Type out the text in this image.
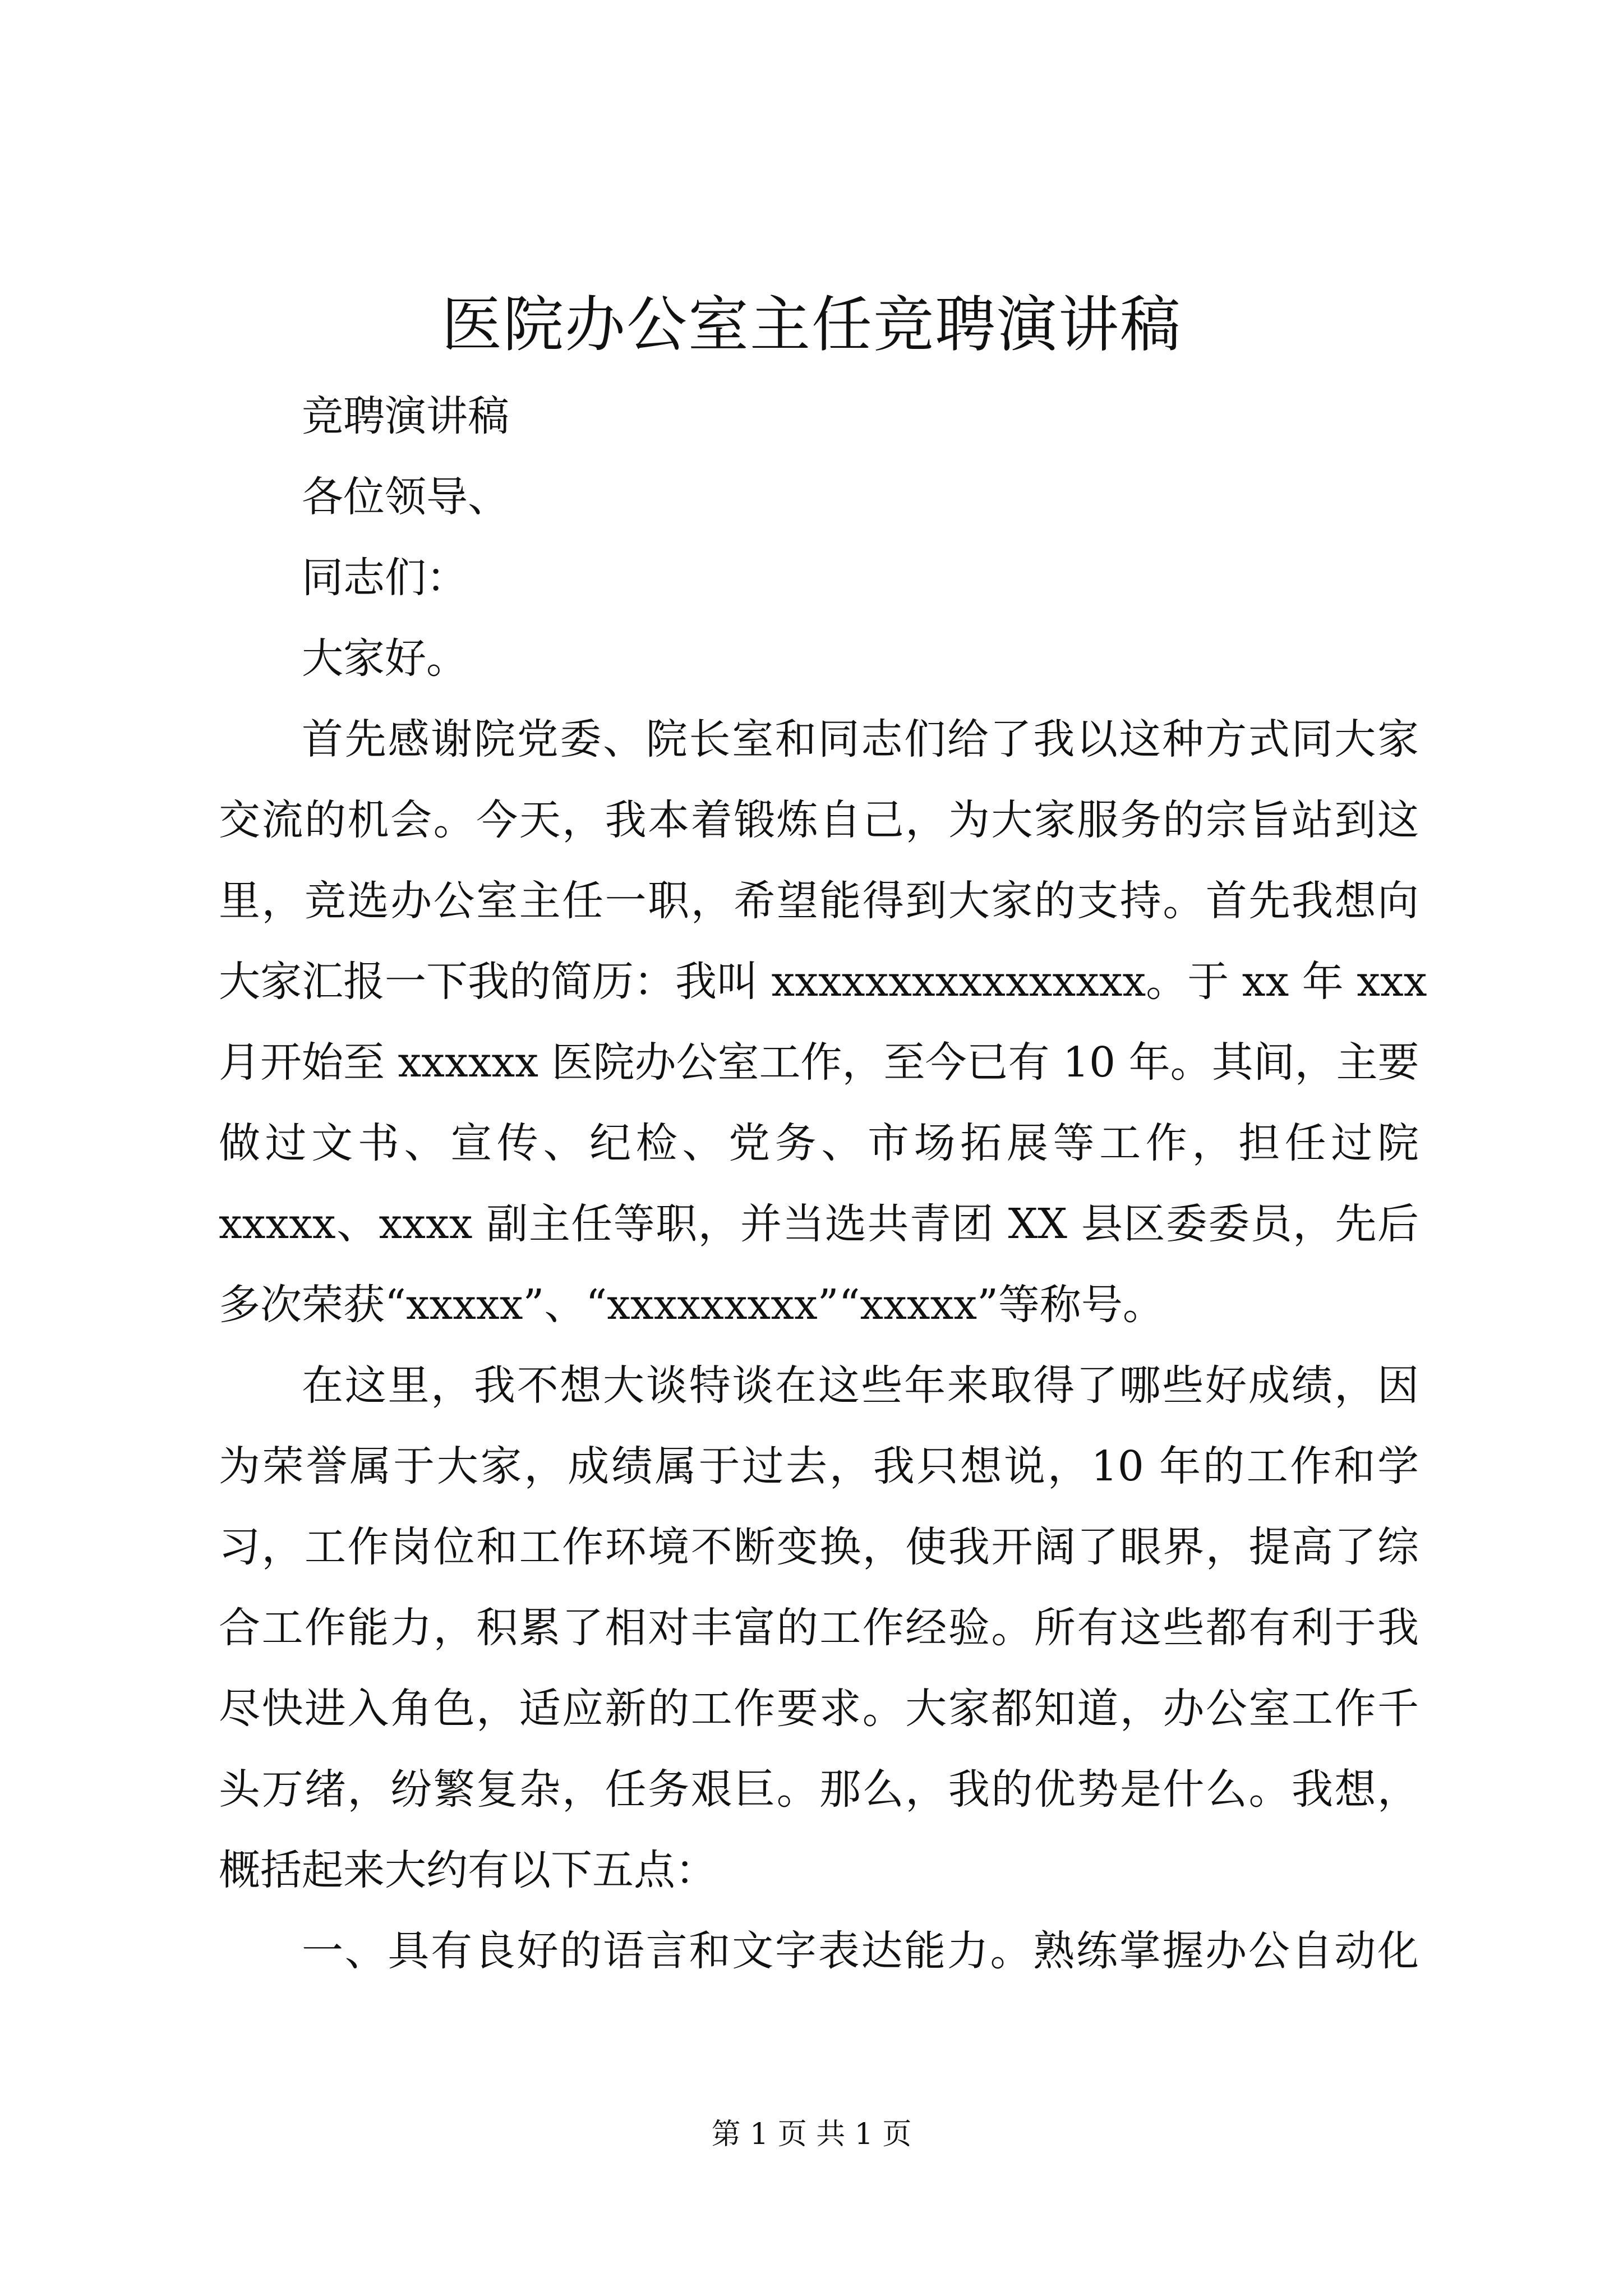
医院办公室主任竞聘演讲稿
竞聘演讲稿
各位领导、
同志们：
大家好。
首先感谢院党委、院长室和同志们给了我以这种方式同大家
交流的机会。今天，我本着锻炼自己，为大家服务的宗旨站到这
里，竞选办公室主任一职，希望能得到大家的支持。首先我想向
大家汇报一下我的简历：我叫 xxxxxxxxxxxxxxxx。于 xx 年 xxx
月开始至 xxxxxx 医院办公室工作，至今已有 10 年。其间，主要
做过文书、宣传、纪检、党务、市场拓展等工作，担任过院
xxxxx、xxxx 副主任等职，并当选共青团 XX 县区委委员，先后
多次荣获“xxxxx”、“xxxxxxxxx”“xxxxx”等称号。
在这里，我不想大谈特谈在这些年来取得了哪些好成绩，因
为荣誉属于大家，成绩属于过去，我只想说，10 年的工作和学
习，工作岗位和工作环境不断变换，使我开阔了眼界，提高了综
合工作能力，积累了相对丰富的工作经验。所有这些都有利于我
尽快进入角色，适应新的工作要求。大家都知道，办公室工作千
头万绪，纷繁复杂，任务艰巨。那么，我的优势是什么。我想，
概括起来大约有以下五点：
一、具有良好的语言和文字表达能力。熟练掌握办公自动化
第 1 页 共 1 页
